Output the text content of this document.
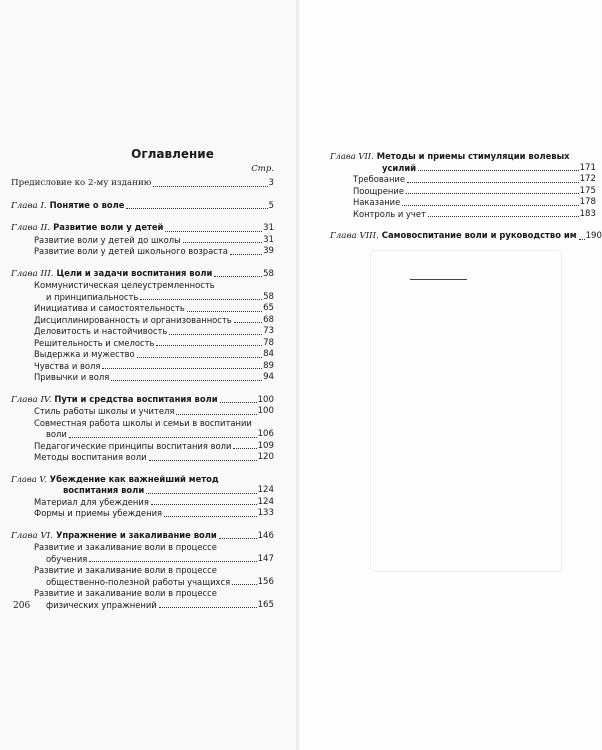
Оглавление
Стр.
Предисловие ко 2-му изданию	3
Глава I. Понятие о воле	5
Глава II. Развитие воли у детей	31
Развитие воли у детей до школы	31
Развитие воли у детей школьного возраста	39
Глава III. Цели и задачи воспитания воли	58
Коммунистическая целеустремленность
и принципиальность	58
Инициатива и самостоятельность	65
Дисциплинированность и организованность	68
Деловитость и настойчивость	73
Решительность и смелость	78
Выдержка и мужество	84
Чувства и воля	89
Привычки и воля	94
Глава IV. Пути и средства воспитания воли	100
Стиль работы школы и учителя	100
Совместная работа школы и семьи в воспитании
воли	106
Педагогические принципы воспитания воли	109
Методы воспитания воли	120
Глава V. Убеждение как важнейший метод
воспитания воли	124
Материал для убеждения	124
Формы и приемы убеждения	133
Глава VI. Упражнение и закаливание воли	146
Развитие и закаливание воли в процессе
обучения	147
Развитие и закаливание воли в процессе
общественно-полезной работы учащихся	156
Развитие и закаливание воли в процессе
физических упражнений	165
206
Глава VII. Методы и приемы стимуляции волевых
усилий	171
Требование	172
Поощрение	175
Наказание	178
Контроль и учет	183
Глава VIII. Самовоспитание воли и руководство им 190
